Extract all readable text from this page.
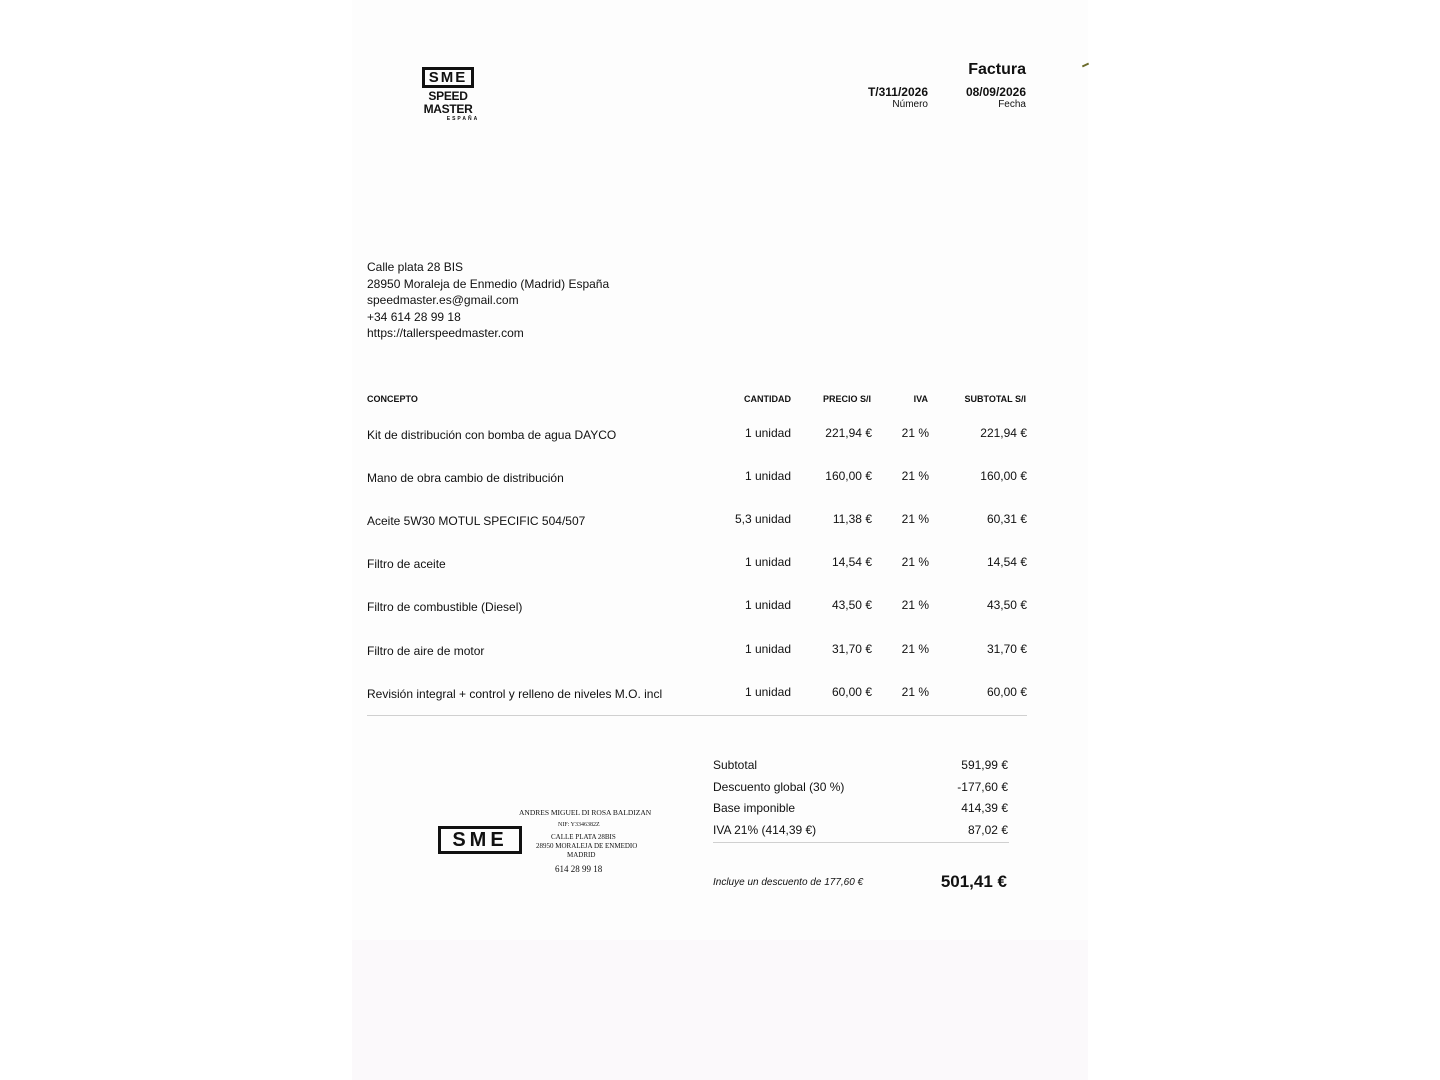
SME
SPEED MASTER
ESPAÑA
Factura
T/311/2026
Número
08/09/2026
Fecha
Calle plata 28 BIS
28950 Moraleja de Enmedio (Madrid) España
speedmaster.es@gmail.com
+34 614 28 99 18
https://tallerspeedmaster.com
CONCEPTO	CANTIDAD	PRECIO S/I	IVA	SUBTOTAL S/I
Kit de distribución con bomba de agua DAYCO	1 unidad	221,94 € 21 %	221,94 €
Mano de obra cambio de distribución	1 unidad	160,00 € 21 %	160,00 €
Aceite 5W30 MOTUL SPECIFIC 504/507	5,3 unidad	11,38 € 21 %	60,31 €
Filtro de aceite	1 unidad	14,54 € 21 %	14,54 €
Filtro de combustible (Diesel)	1 unidad	43,50 € 21 %	43,50 €
Filtro de aire de motor	1 unidad	31,70 € 21 %	31,70 €
Revisión integral + control y relleno de niveles M.O. incl	1 unidad	60,00 € 21 %	60,00 €
Subtotal	591,99 €
Descuento global (30 %)	-177,60 €
Base imponible	414,39 €
IVA 21% (414,39 €)	87,02 €
Incluye un descuento de 177,60 €	501,41 €
ANDRES MIGUEL DI ROSA BALDIZAN
NIF: Y3346382Z
SME	CALLE PLATA 28BIS
28950 MORALEJA DE ENMEDIO
MADRID
614 28 99 18
